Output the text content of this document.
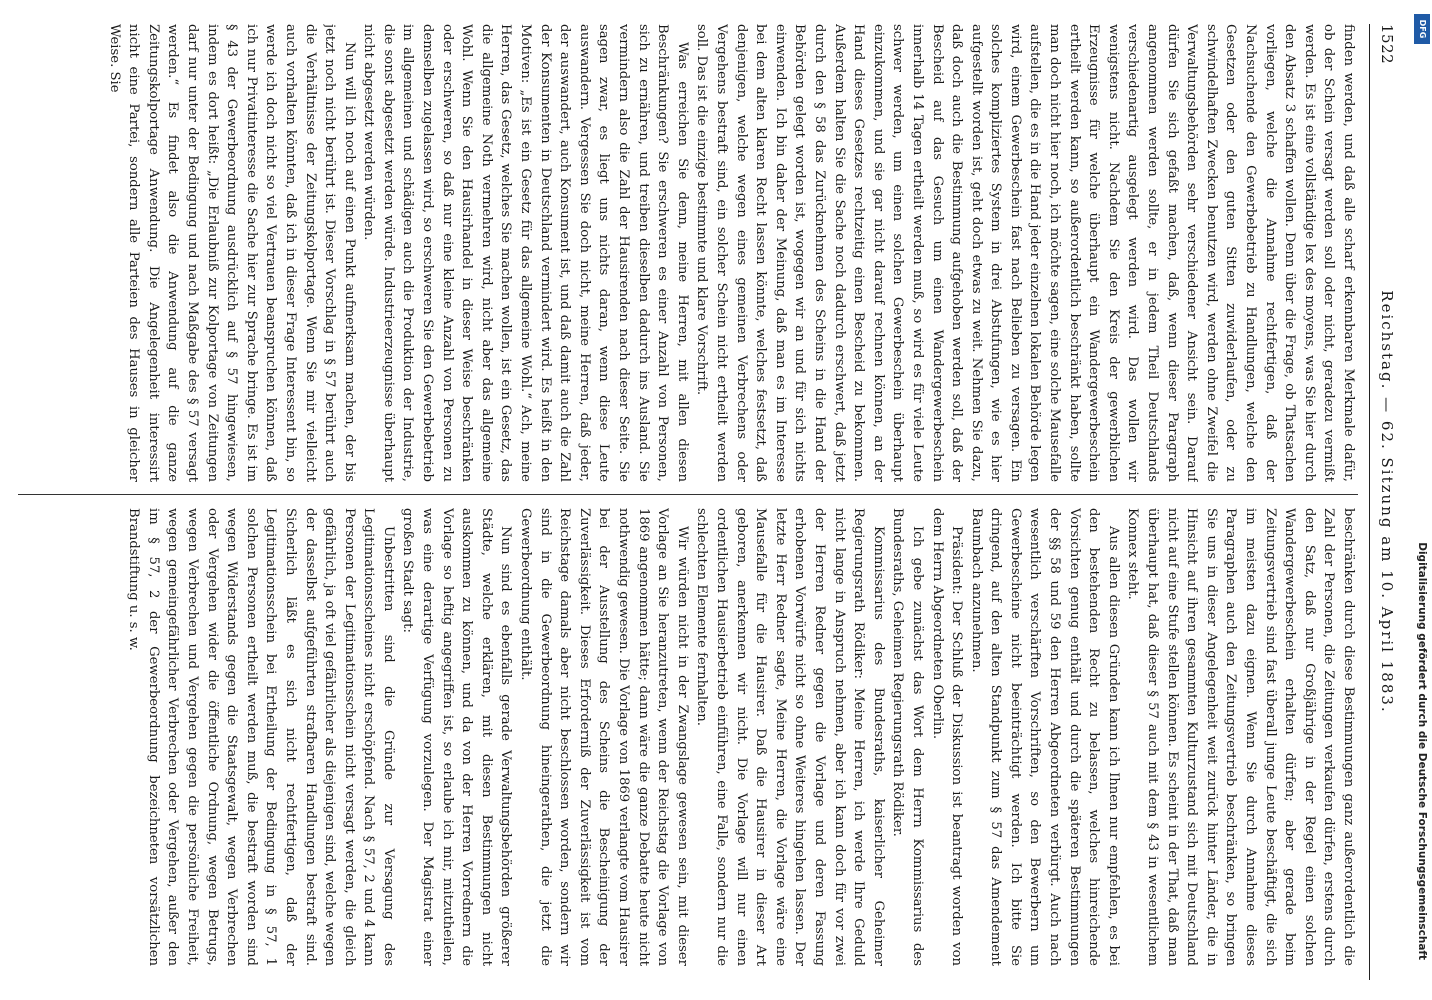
1522
Reichstag. — 62. Sitzung am 10. April 1883.

finden werden, und daß alle scharf erkennbaren Merkmale dafür, ob der Schein versagt werden soll oder nicht, geradezu vermißt werden. Es ist eine vollständige lex des moyens, was Sie hier durch den Absatz 3 schaffen wollen. Denn über die Frage, ob Thatsachen vorliegen, welche die Annahme rechtfertigen, daß der Nachsuchende den Gewerbebetrieb zu Handlungen, welche den Gesetzen oder den guten Sitten zuwiderlaufen, oder zu schwindelhaften Zwecken benutzen wird, werden ohne Zweifel die Verwaltungsbehörden sehr verschiedener Ansicht sein. Darauf dürfen Sie sich gefaßt machen, daß, wenn dieser Paragraph angenommen werden sollte, er in jedem Theil Deutschlands verschiedenartig ausgelegt werden wird. Das wollen wir wenigstens nicht. Nachdem Sie den Kreis der gewerblichen Erzeugnisse für welche überhaupt ein Wandergewerbeschein ertheilt werden kann, so außerordentlich beschränkt haben, sollte man doch nicht hier noch, ich möchte sagen, eine solche Mausefalle aufstellen, die es in die Hand jeder einzelnen lokalen Behörde legen wird, einem Gewerbeschein fast nach Belieben zu versagen. Ein solches kompliziertes System in drei Abstufungen, wie es hier aufgestellt worden ist, geht doch etwas zu weit. Nehmen Sie dazu, daß doch auch die Bestimmung aufgehoben werden soll, daß der Bescheid auf das Gesuch um einen Wandergewerbeschein innerhalb 14 Tagen ertheilt werden muß, so wird es für viele Leute schwer werden, um einen solchen Gewerbeschein überhaupt einzukommen, und sie gar nicht darauf rechnen können, an der Hand dieses Gesetzes rechtzeitig einen Bescheid zu bekommen. Außerdem halten Sie die Sache noch dadurch erschwert, daß jetzt durch den § 58 das Zurücknehmen des Scheins in die Hand der Behörden gelegt worden ist, wogegen wir an und für sich nichts einwenden. Ich bin daher der Meinung, daß man es im Interesse bei dem alten klaren Recht lassen könnte, welches festsetzt, daß denjenigen, welche wegen eines gemeinen Verbrechens oder Vergehens bestraft sind, ein solcher Schein nicht ertheilt werden soll. Das ist die einzige bestimmte und klare Vorschrift.

Was erreichen Sie denn, meine Herren, mit allen diesen Beschränkungen? Sie erschweren es einer Anzahl von Personen, sich zu ernähren, und treiben dieselben dadurch ins Ausland. Sie vermindern also die Zahl der Hausirenden nach dieser Seite. Sie sagen zwar, es liegt uns nichts daran, wenn diese Leute auswandern. Vergessen Sie doch nicht, meine Herren, daß jeder, der auswandert, auch Konsument ist, und daß damit auch die Zahl der Konsumenten in Deutschland vermindert wird. Es heißt in den Motiven: „Es ist ein Gesetz für das allgemeine Wohl.“ Ach, meine Herren, das Gesetz, welches Sie machen wollen, ist ein Gesetz, das die allgemeine Noth vermehren wird, nicht aber das allgemeine Wohl. Wenn Sie den Hausirhandel in dieser Weise beschränken oder erschweren, so daß nur eine kleine Anzahl von Personen zu demselben zugelassen wird, so erschweren Sie den Gewerbebetrieb im allgemeinen und schädigen auch die Produktion der Industrie, die sonst abgesetzt werden würde. Industrieerzeugnisse überhaupt nicht abgesetzt werden würden.

Nun will ich noch auf einen Punkt aufmerksam machen, der bis jetzt noch nicht berührt ist. Dieser Vorschlag in § 57 berührt auch die Verhältnisse der Zeitungskolportage. Wenn Sie mir vielleicht auch vorhalten könnten, daß ich in dieser Frage Interessent bin, so werde ich doch nicht so viel Vertrauen beanspruchen können, daß ich nur Privatinteresse die Sache hier zur Sprache bringe. Es ist im § 43 der Gewerbeordnung ausdrücklich auf § 57 hingewiesen, indem es dort heißt: „Die Erlaubniß zur Kolportage von Zeitungen darf nur unter der Bedingung und nach Maßgabe des § 57 versagt werden.“ Es findet also die Anwendung auf die ganze Zeitungskolportage Anwendung. Die Angelegenheit interessirt nicht eine Partei, sondern alle Parteien des Hauses in gleicher Weise. Sie

beschränken durch diese Bestimmungen ganz außerordentlich die Zahl der Personen, die Zeitungen verkaufen dürfen, erstens durch den Satz, daß nur Großjährige in der Regel einen solchen Wandergewerbeschein erhalten dürfen; aber gerade beim Zeitungsvertrieb sind fast überall junge Leute beschäftigt, die sich im meisten dazu eignen. Wenn Sie durch Annahme dieses Paragraphen auch den Zeitungsvertrieb beschränken, so bringen Sie uns in dieser Angelegenheit weit zurück hinter Länder, die in Hinsicht auf ihren gesammten Kulturzustand sich mit Deutschland nicht auf eine Stufe stellen können. Es scheint in der That, daß man überhaupt hat, daß dieser § 57 auch mit dem § 43 in wesentlichem Konnex steht.

Aus allen diesen Gründen kann ich Ihnen nur empfehlen, es bei den bestehenden Recht zu belassen, welches hinreichende Vorsichten genug enthält und durch die späteren Bestimmungen der §§ 58 und 59 den Herren Abgeordneten verbürgt. Auch nach wesentlich verschärften Vorschriften, so den Bewerbern um Gewerbescheine nicht beeinträchtigt werden. Ich bitte Sie dringend, auf den alten Standpunkt zum § 57 das Amendement Baumbach anzunehmen.

Präsident: Der Schluß der Diskussion ist beantragt worden von dem Herrn Abgeordneten Oberlin.

Ich gebe zunächst das Wort dem Herrn Kommissarius des Bundesraths, Geheimen Regierungsrath Rödiker.

Kommissarius des Bundesraths, kaiserlicher Geheimer Regierungsrath Rödiker: Meine Herren, ich werde Ihre Geduld nicht lange in Anspruch nehmen, aber ich kann doch für vor zwei der Herren Redner gegen die Vorlage und deren Fassung erhobenen Vorwürfe nicht so ohne Weiteres hingehen lassen. Der letzte Herr Redner sagte, Meine Herren, die Vorlage wäre eine Mausefalle für die Hausirer. Daß die Hausirer in dieser Art geboren, anerkennen wir nicht. Die Vorlage will nur einen ordentlichen Hausierbetrieb einführen, eine Falle, sondern nur die schlechten Elemente fernhalten.

Wir würden nicht in der Zwangslage gewesen sein, mit dieser Vorlage an Sie heranzutreten, wenn der Reichstag die Vorlage von 1869 angenommen hätte; dann wäre die ganze Debatte heute nicht nothwendig gewesen. Die Vorlage von 1869 verlangte vom Hausirer bei der Ausstellung des Scheins die Bescheinigung der Zuverlässigkeit. Dieses Erforderniß der Zuverlässigkeit ist vom Reichstage damals aber nicht beschlossen worden, sondern wir sind in die Gewerbeordnung hineingerathen, die jetzt die Gewerbeordnung enthält.

Nun sind es ebenfalls gerade Verwaltungsbehörden größerer Städte, welche erklären, mit diesen Bestimmungen nicht auskommen zu können, und da von der Herren Vorrednern die Vorlage so heftig angegriffen ist, so erlaube ich mir, mitzutheilen, was eine derartige Verfügung vorzulegen. Der Magistrat einer großen Stadt sagt:

Unbestritten sind die Gründe zur Versagung des Legitimationsscheines nicht erschöpfend. Nach § 57, 2 und 4 kann Personen der Legitimationsschein nicht versagt werden, die gleich gefährlich, ja oft viel gefährlicher als diejenigen sind, welche wegen der dasselbst aufgeführten strafbaren Handlungen bestraft sind. Sicherlich läßt es sich nicht rechtfertigen, daß der Legitimationsschein bei Ertheilung der Bedingung in § 57, 1 solchen Personen ertheilt werden muß, die bestraft worden sind wegen Widerstands gegen die Staatsgewalt, wegen Verbrechen oder Vergehen wider die öffentliche Ordnung, wegen Betrugs, wegen Verbrechen und Vergehen gegen die persönliche Freiheit, wegen gemeingefährlicher Verbrechen oder Vergehen, außer den im § 57, 2 der Gewerbeordnung bezeichneten vorsätzlichen Brandstiftung u. s. w.	Digitalisierung gefördert durch die Deutsche Forschungsgemeinschaft
DFG
